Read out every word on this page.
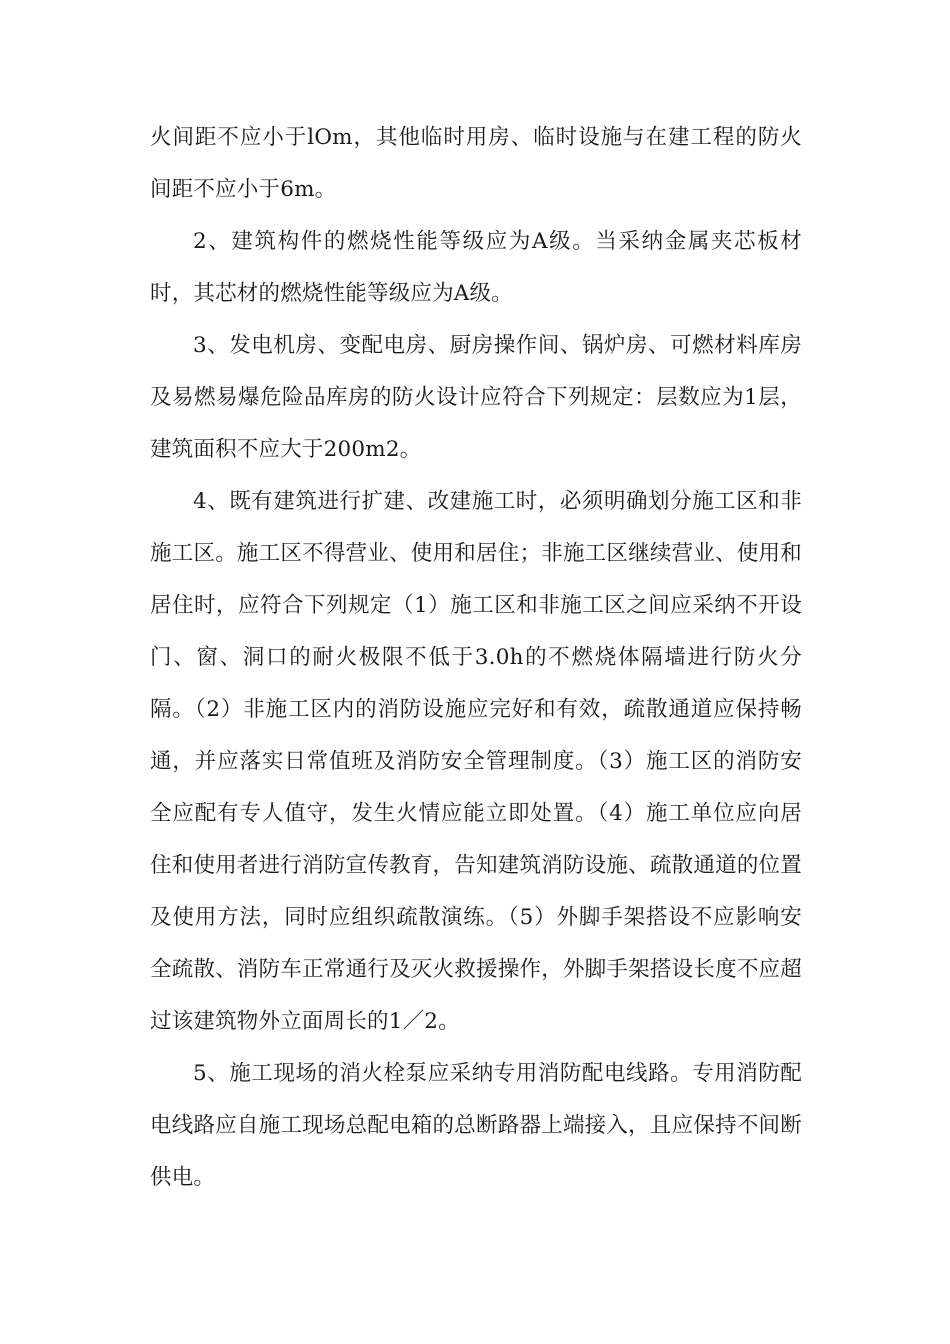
火间距不应小于lOm，其他临时用房、临时设施与在建工程的防火间距不应小于6m。

2、建筑构件的燃烧性能等级应为A级。当采纳金属夹芯板材时，其芯材的燃烧性能等级应为A级。

3、发电机房、变配电房、厨房操作间、锅炉房、可燃材料库房及易燃易爆危险品库房的防火设计应符合下列规定：层数应为1层，建筑面积不应大于200m2。

4、既有建筑进行扩建、改建施工时，必须明确划分施工区和非施工区。施工区不得营业、使用和居住；非施工区继续营业、使用和居住时，应符合下列规定（1）施工区和非施工区之间应采纳不开设门、窗、洞口的耐火极限不低于3.0h的不燃烧体隔墙进行防火分隔。（2）非施工区内的消防设施应完好和有效，疏散通道应保持畅通，并应落实日常值班及消防安全管理制度。（3）施工区的消防安全应配有专人值守，发生火情应能立即处置。（4）施工单位应向居住和使用者进行消防宣传教育，告知建筑消防设施、疏散通道的位置及使用方法，同时应组织疏散演练。（5）外脚手架搭设不应影响安全疏散、消防车正常通行及灭火救援操作，外脚手架搭设长度不应超过该建筑物外立面周长的1／2。

5、施工现场的消火栓泵应采纳专用消防配电线路。专用消防配电线路应自施工现场总配电箱的总断路器上端接入，且应保持不间断供电。
